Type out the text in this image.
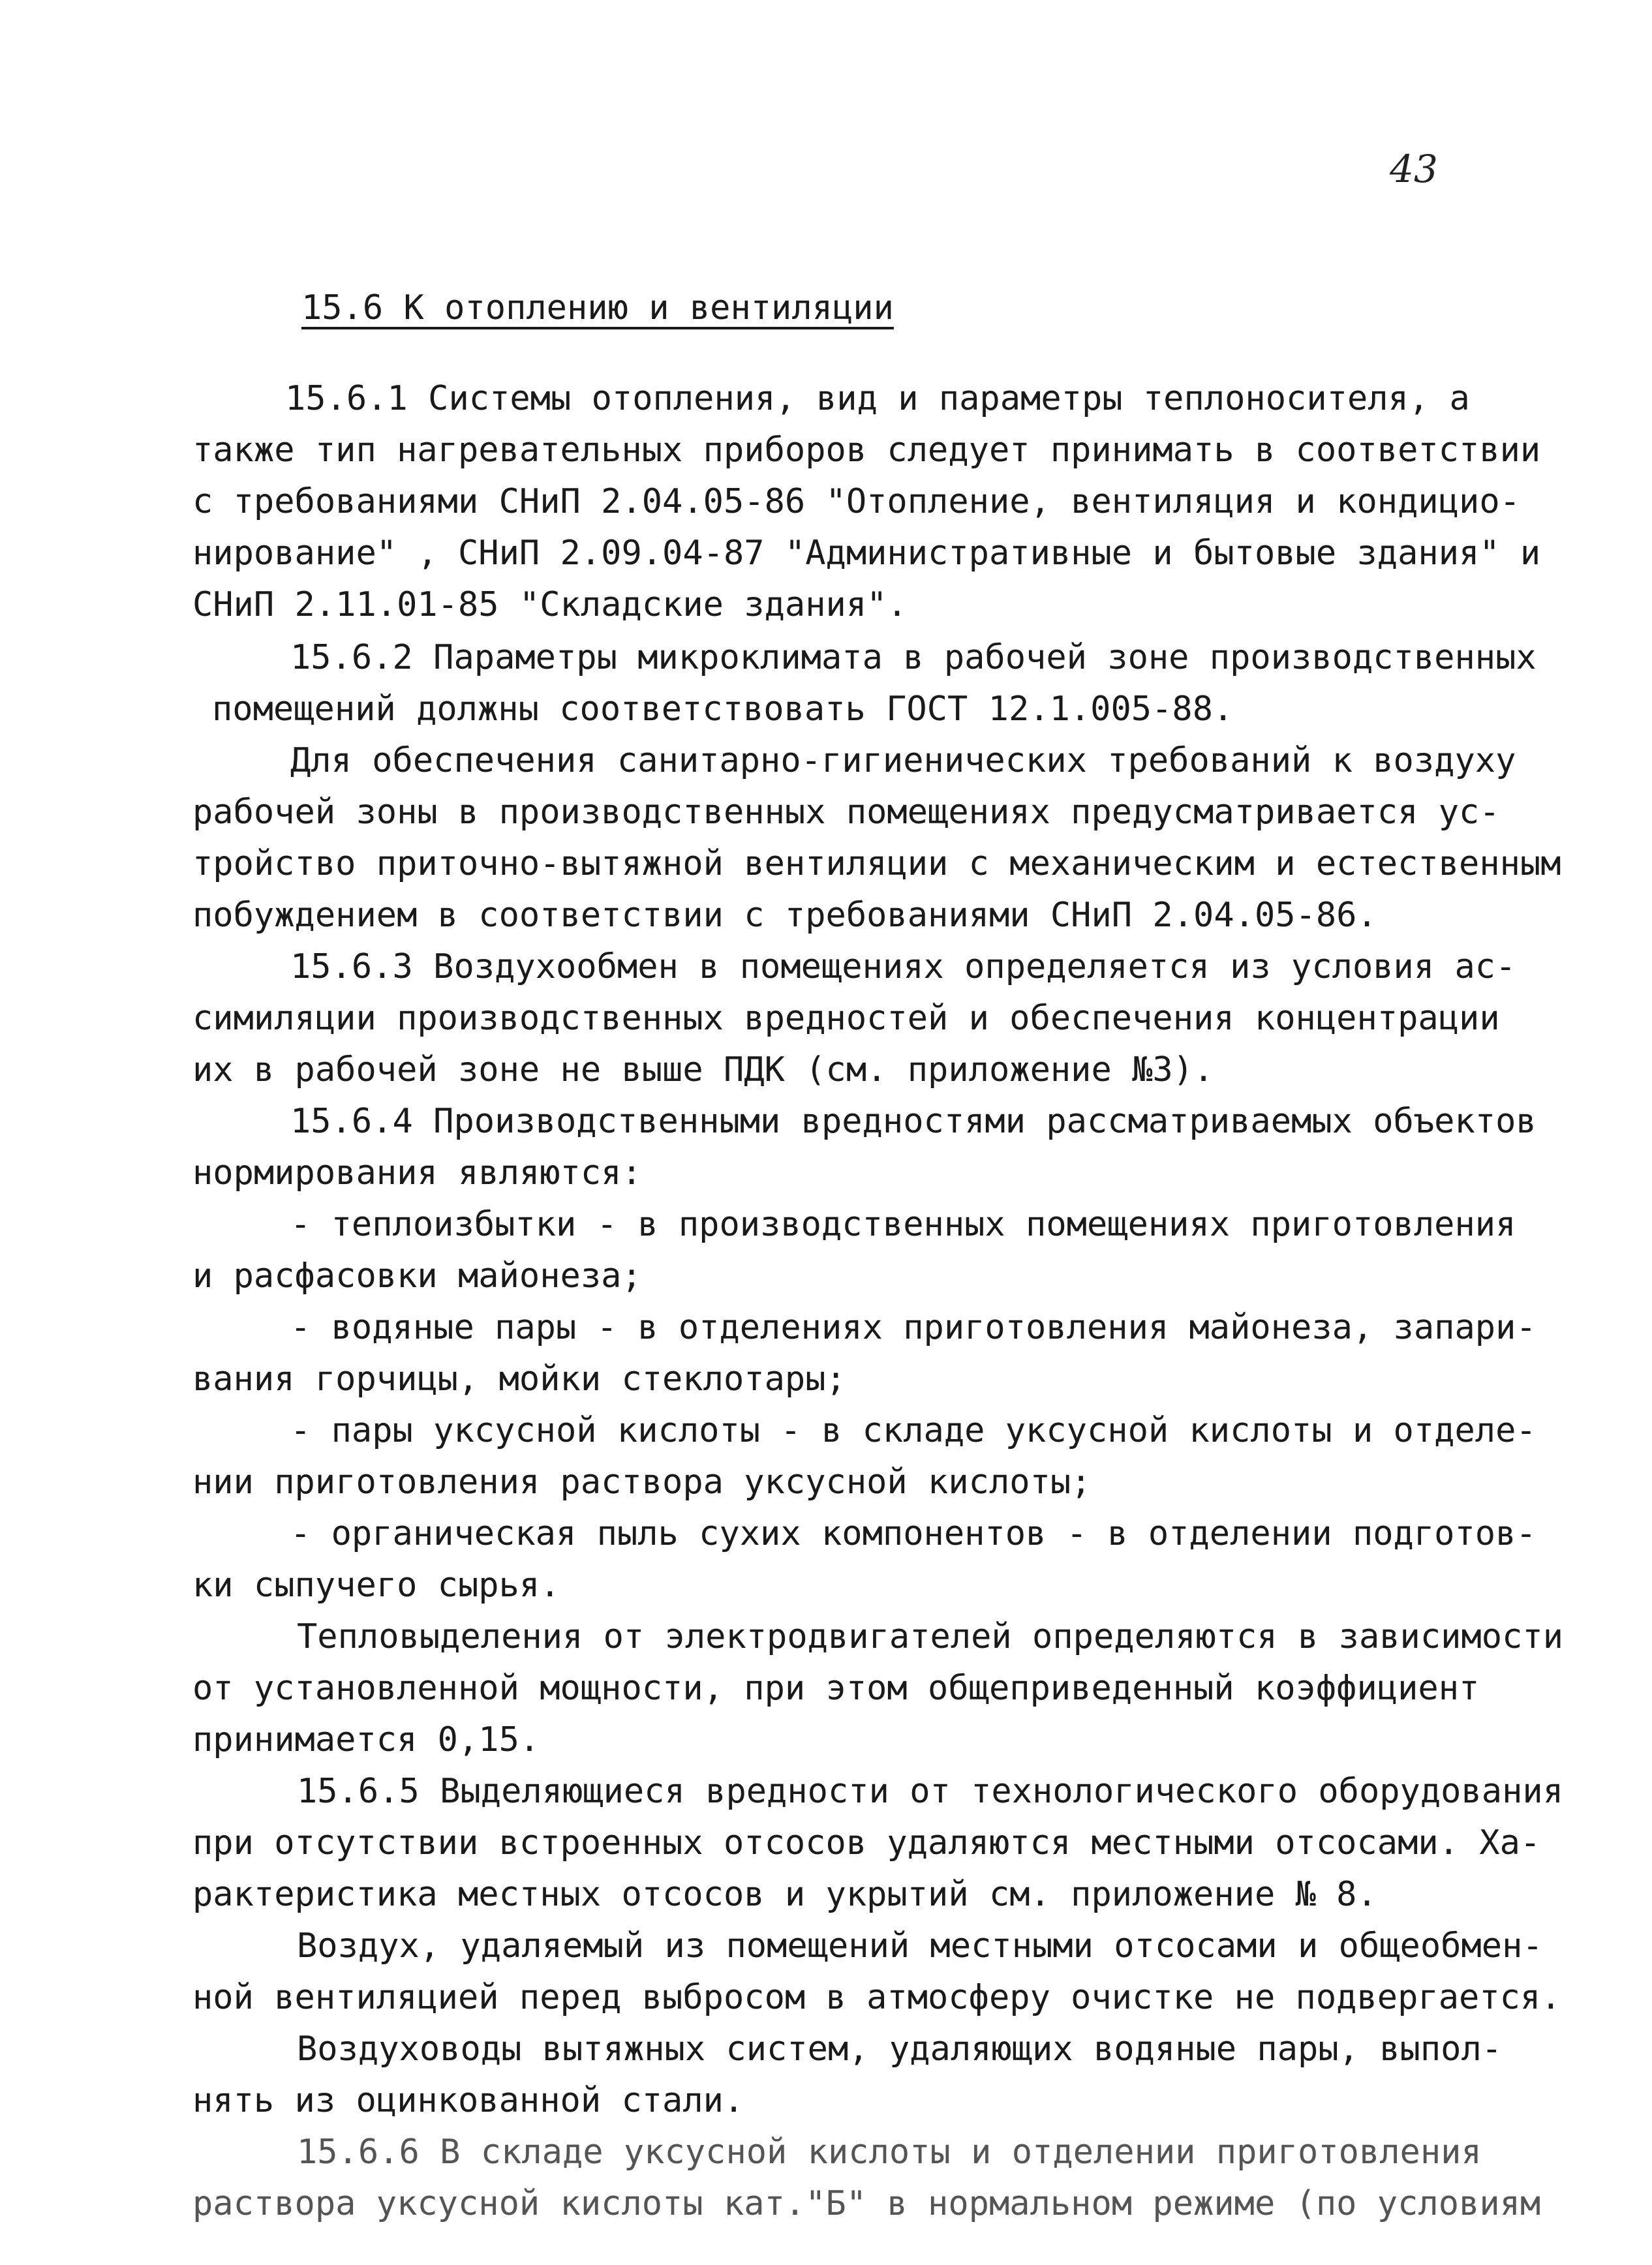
43
15.6 К отоплению и вентиляции
15.6.1 Системы отопления, вид и параметры теплоносителя, а
также тип нагревательных приборов следует принимать в соответствии
с требованиями СНиП 2.04.05-86 "Отопление, вентиляция и кондицио-
нирование" , СНиП 2.09.04-87 "Административные и бытовые здания" и
СНиП 2.11.01-85 "Складские здания".
15.6.2 Параметры микроклимата в рабочей зоне производственных
помещений должны соответствовать ГОСТ 12.1.005-88.
Для обеспечения санитарно-гигиенических требований к воздуху
рабочей зоны в производственных помещениях предусматривается ус-
тройство приточно-вытяжной вентиляции с механическим и естественным
побуждением в соответствии с требованиями СНиП 2.04.05-86.
15.6.3 Воздухообмен в помещениях определяется из условия ас-
симиляции производственных вредностей и обеспечения концентрации
их в рабочей зоне не выше ПДК (см. приложение №3).
15.6.4 Производственными вредностями рассматриваемых объектов
нормирования являются:
- теплоизбытки - в производственных помещениях приготовления
и расфасовки майонеза;
- водяные пары - в отделениях приготовления майонеза, запари-
вания горчицы, мойки стеклотары;
- пары уксусной кислоты - в складе уксусной кислоты и отделе-
нии приготовления раствора уксусной кислоты;
- органическая пыль сухих компонентов - в отделении подготов-
ки сыпучего сырья.
Тепловыделения от электродвигателей определяются в зависимости
от установленной мощности, при этом общеприведенный коэффициент
принимается 0,15.
15.6.5 Выделяющиеся вредности от технологического оборудования
при отсутствии встроенных отсосов удаляются местными отсосами. Ха-
рактеристика местных отсосов и укрытий см. приложение № 8.
Воздух, удаляемый из помещений местными отсосами и общеобмен-
ной вентиляцией перед выбросом в атмосферу очистке не подвергается.
Воздуховоды вытяжных систем, удаляющих водяные пары, выпол-
нять из оцинкованной стали.
15.6.6 В складе уксусной кислоты и отделении приготовления
раствора уксусной кислоты кат."Б" в нормальном режиме (по условиям
